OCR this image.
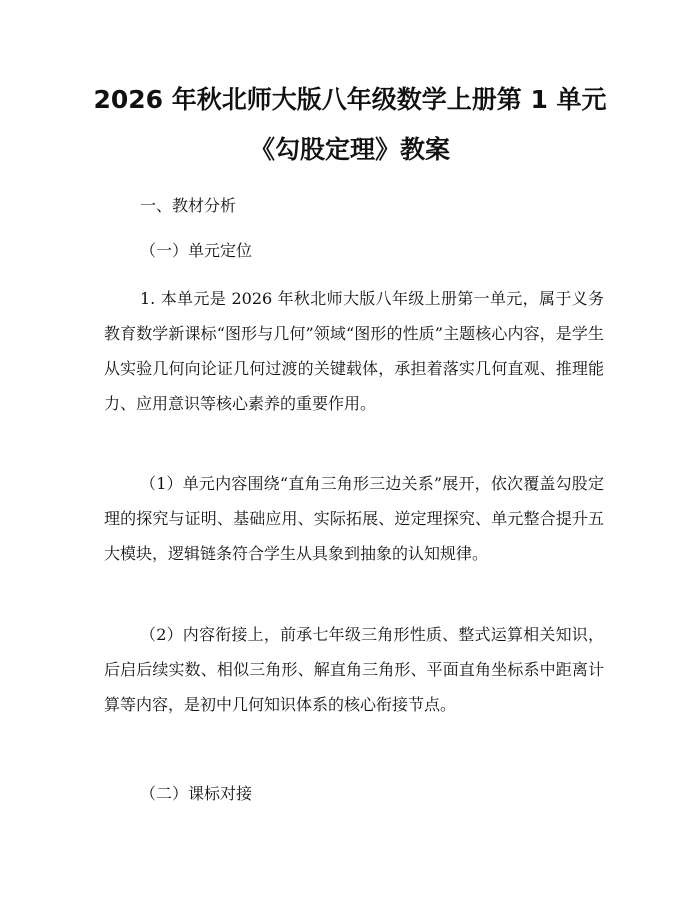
2026 年秋北师大版八年级数学上册第 1 单元
《勾股定理》教案
一、教材分析
（一）单元定位

1. 本单元是 2026 年秋北师大版八年级上册第一单元，属于义务教育数学新课标“图形与几何”领域“图形的性质”主题核心内容，是学生从实验几何向论证几何过渡的关键载体，承担着落实几何直观、推理能力、应用意识等核心素养的重要作用。

（1）单元内容围绕“直角三角形三边关系”展开，依次覆盖勾股定理的探究与证明、基础应用、实际拓展、逆定理探究、单元整合提升五大模块，逻辑链条符合学生从具象到抽象的认知规律。

（2）内容衔接上，前承七年级三角形性质、整式运算相关知识，后启后续实数、相似三角形、解直角三角形、平面直角坐标系中距离计算等内容，是初中几何知识体系的核心衔接节点。

（二）课标对接
